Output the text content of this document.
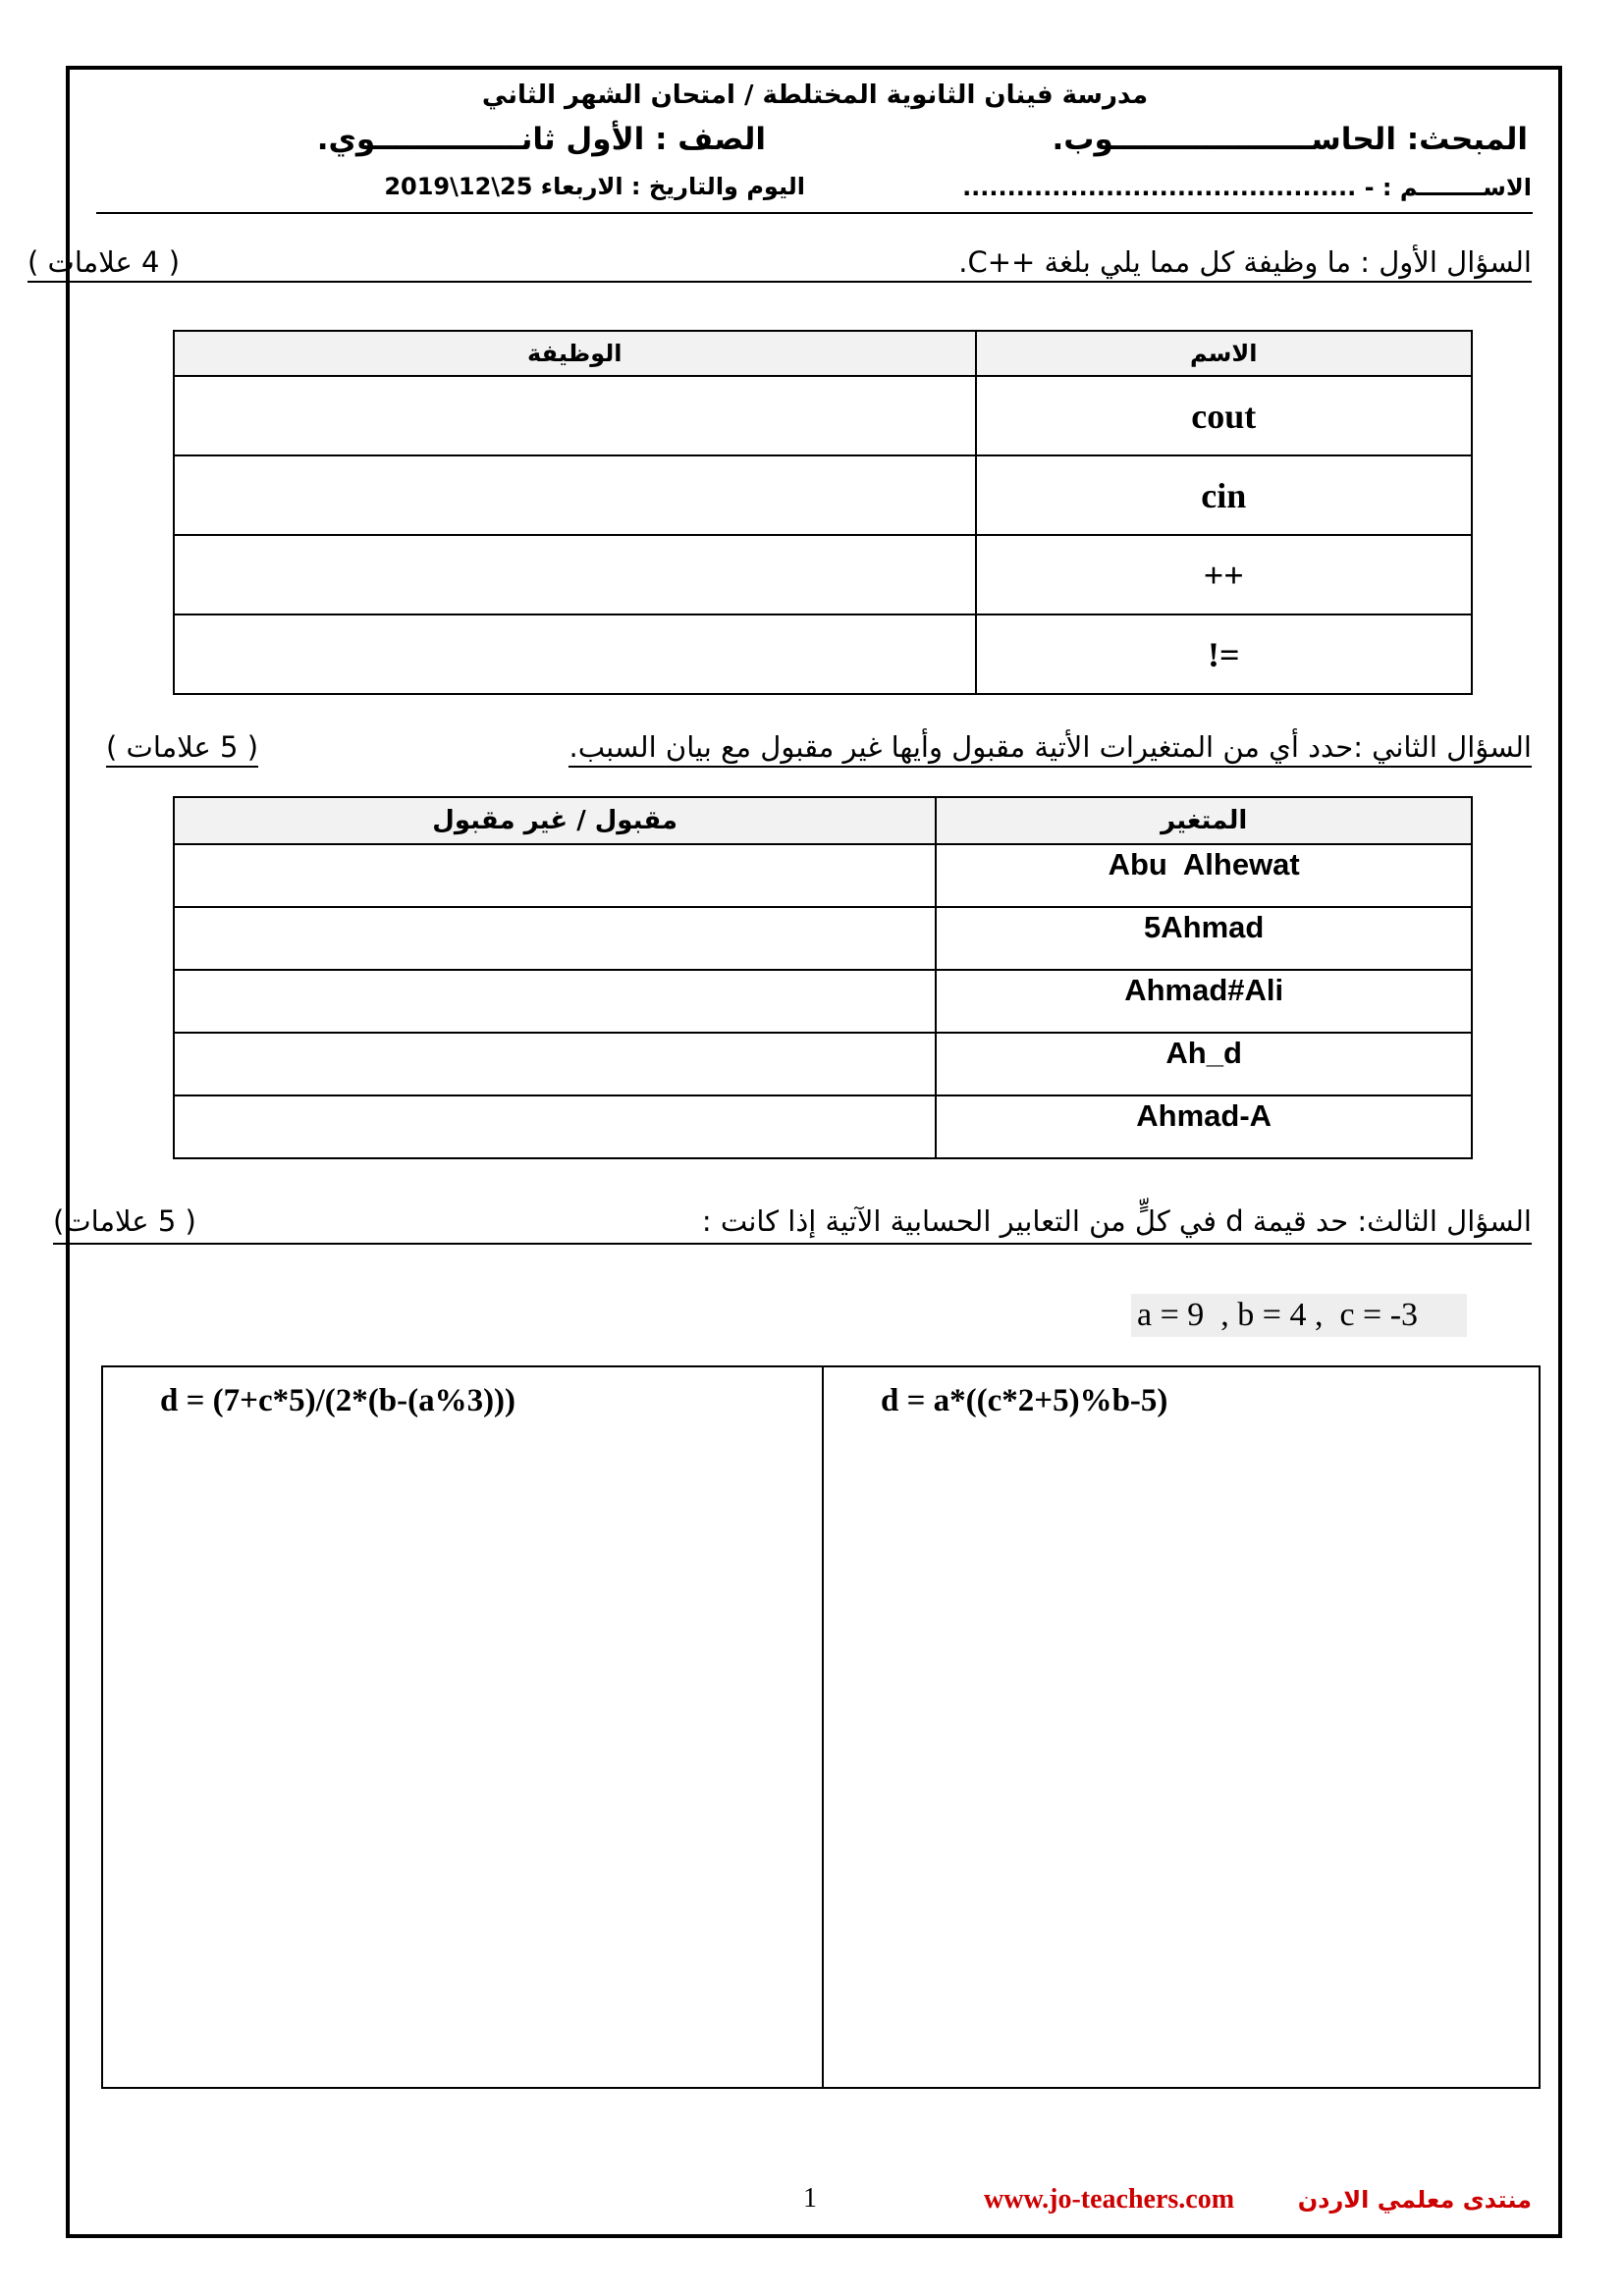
مدرسة فينان الثانوية المختلطة / امتحان الشهر الثاني
المبحث: الحاســـــــــــــــــــوب.
الصف : الأول ثانــــــــــــــوي.
الاســــــــم : - ............................................
اليوم والتاريخ : الاربعاء 25\12\2019
السؤال الأول : ما وظيفة كل مما يلي بلغة ++C.
( 4 علامات )
الوظيفة	الاسم
	cout
	cin
	++
	!=
السؤال الثاني :حدد أي من المتغيرات الأتية مقبول وأيها غير مقبول مع بيان السبب.
( 5 علامات )
مقبول / غير مقبول	المتغير
	Abu  Alhewat
	5Ahmad
	Ahmad#Ali
	Ah_d
	Ahmad-A
السؤال الثالث: حد قيمة d في كلٍّ من التعابير الحسابية الآتية إذا كانت :
( 5 علامات)
a = 9  , b = 4 ,  c = -3
d = (7+c*5)/(2*(b-(a%3)))	d = a*((c*2+5)%b-5)
1	www.jo-teachers.com	منتدى معلمي الاردن
